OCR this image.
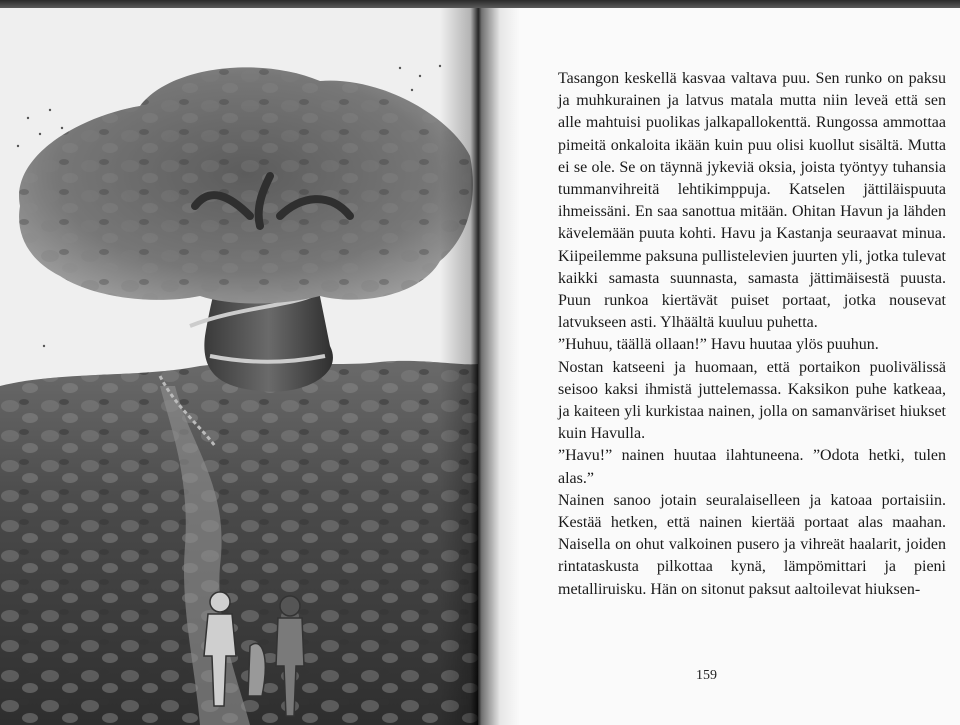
Tasangon keskellä kasvaa valtava puu. Sen runko on paksu ja muhkurainen ja latvus matala mutta niin leveä että sen alle mahtuisi puolikas jalkapallokenttä. Rungossa ammottaa pimeitä onkaloita ikään kuin puu olisi kuollut sisältä. Mutta ei se ole. Se on täynnä jykeviä oksia, joista työntyy tuhansia tummanvihreitä lehtikimppuja. Katselen jättiläispuuta ihmeissäni. En saa sanottua mitään. Ohitan Havun ja lähden kävelemään puuta kohti. Havu ja Kastanja seuraavat minua. Kiipeilemme paksuna pullistelevien juurten yli, jotka tulevat kaikki samasta suunnasta, samasta jättimäisestä puusta. Puun runkoa kiertävät puiset portaat, jotka nousevat latvukseen asti. Ylhäältä kuuluu puhetta.

”Huhuu, täällä ollaan!” Havu huutaa ylös puuhun.

Nostan katseeni ja huomaan, että portaikon puolivälissä seisoo kaksi ihmistä juttelemassa. Kaksikon puhe katkeaa, ja kaiteen yli kurkistaa nainen, jolla on samanväriset hiukset kuin Havulla.

”Havu!” nainen huutaa ilahtuneena. ”Odota hetki, tulen alas.”

Nainen sanoo jotain seuralaiselleen ja katoaa portaisiin. Kestää hetken, että nainen kiertää portaat alas maahan. Naisella on ohut valkoinen pusero ja vihreät haalarit, joiden rintataskusta pilkottaa kynä, lämpömittari ja pieni metalliruisku. Hän on sitonut paksut aaltoilevat hiuksen-

159
